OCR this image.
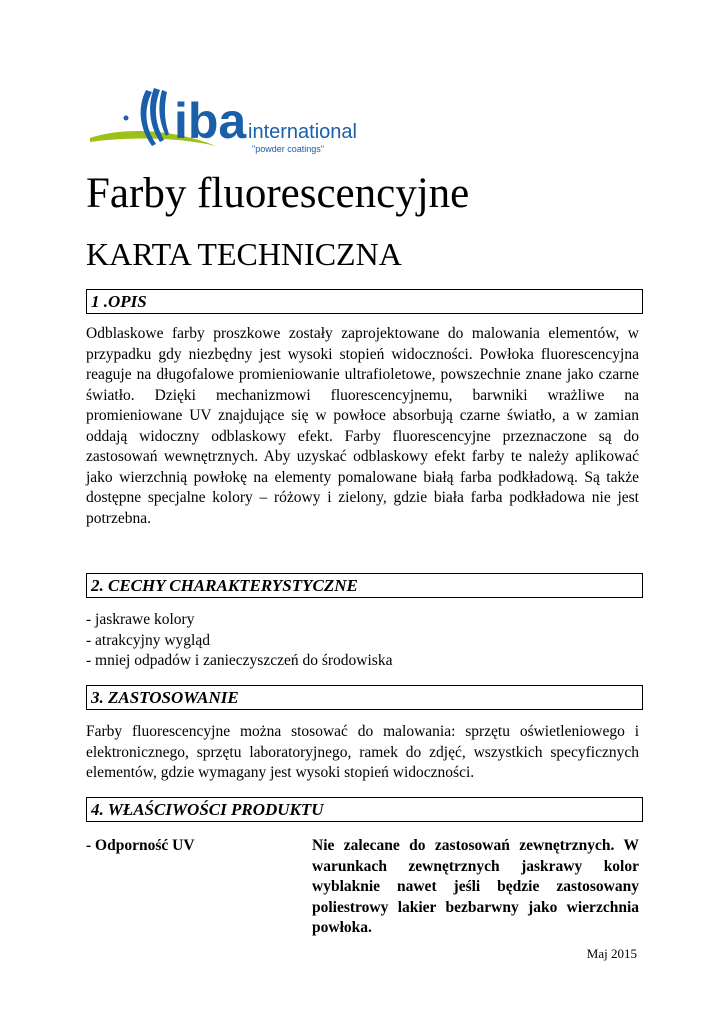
iba international
"powder coatings"
Farby fluorescencyjne
KARTA TECHNICZNA
1 .OPIS

Odblaskowe farby proszkowe zostały zaprojektowane do malowania elementów, w przypadku gdy niezbędny jest wysoki stopień widoczności. Powłoka fluorescencyjna reaguje na długofalowe promieniowanie ultrafioletowe, powszechnie znane jako czarne światło. Dzięki mechanizmowi fluorescencyjnemu, barwniki wrażliwe na promieniowane UV znajdujące się w powłoce absorbują czarne światło, a w zamian oddają widoczny odblaskowy efekt. Farby fluorescencyjne przeznaczone są do zastosowań wewnętrznych. Aby uzyskać odblaskowy efekt farby te należy aplikować jako wierzchnią powłokę na elementy pomalowane białą farba podkładową. Są także dostępne specjalne kolory – różowy i zielony, gdzie biała farba podkładowa nie jest potrzebna.

2. CECHY CHARAKTERYSTYCZNE
- jaskrawe kolory
- atrakcyjny wygląd
- mniej odpadów i zanieczyszczeń do środowiska
3. ZASTOSOWANIE

Farby fluorescencyjne można stosować do malowania: sprzętu oświetleniowego i elektronicznego, sprzętu laboratoryjnego, ramek do zdjęć, wszystkich specyficznych elementów, gdzie wymagany jest wysoki stopień widoczności.

4. WŁAŚCIWOŚCI PRODUKTU
- Odporność UV	Nie zalecane do zastosowań zewnętrznych. W warunkach zewnętrznych jaskrawy kolor wyblaknie nawet jeśli będzie zastosowany poliestrowy lakier bezbarwny jako wierzchnia powłoka.
Maj 2015
